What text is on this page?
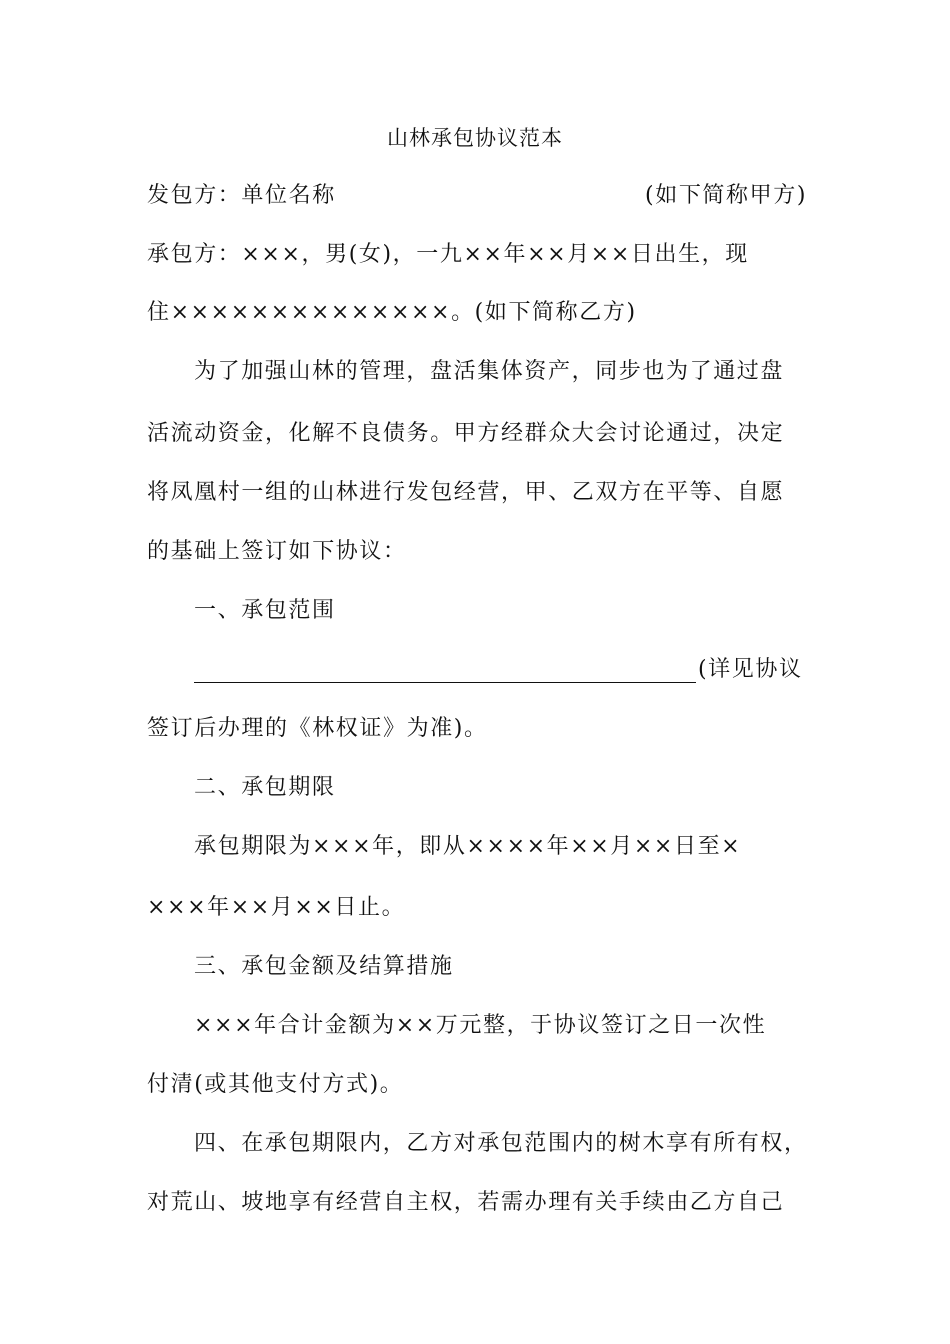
山林承包协议范本
发包方：单位名称	(如下简称甲方)
承包方：×××，男(女)，一九××年××月××日出生，现
住××××××××××××××。(如下简称乙方)
为了加强山林的管理，盘活集体资产，同步也为了通过盘
活流动资金，化解不良债务。甲方经群众大会讨论通过，决定
将凤凰村一组的山林进行发包经营，甲、乙双方在平等、自愿
的基础上签订如下协议：
一、承包范围
(详见协议
签订后办理的《林权证》为准)。
二、承包期限
承包期限为×××年，即从××××年××月××日至×
×××年××月××日止。
三、承包金额及结算措施
×××年合计金额为××万元整，于协议签订之日一次性
付清(或其他支付方式)。
四、在承包期限内，乙方对承包范围内的树木享有所有权，
对荒山、坡地享有经营自主权，若需办理有关手续由乙方自己
